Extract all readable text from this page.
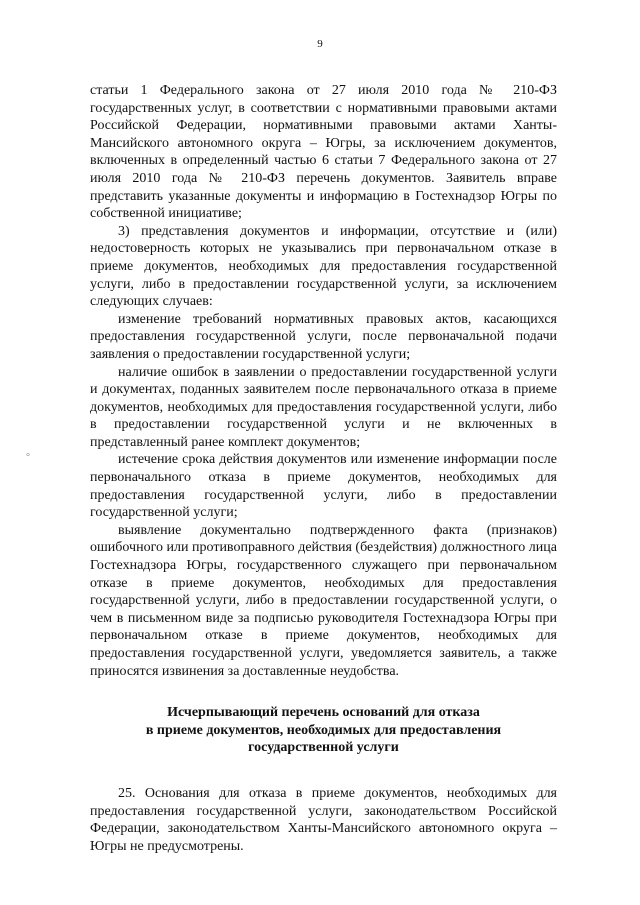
9
°

статьи 1 Федерального закона от 27 июля 2010 года № 210-ФЗ государственных услуг, в соответствии с нормативными правовыми актами Российской Федерации, нормативными правовыми актами Ханты-Мансийского автономного округа – Югры, за исключением документов, включенных в определенный частью 6 статьи 7 Федерального закона от 27 июля 2010 года № 210-ФЗ перечень документов. Заявитель вправе представить указанные документы и информацию в Гостехнадзор Югры по собственной инициативе;

3) представления документов и информации, отсутствие и (или) недостоверность которых не указывались при первоначальном отказе в приеме документов, необходимых для предоставления государственной услуги, либо в предоставлении государственной услуги, за исключением следующих случаев:

изменение требований нормативных правовых актов, касающихся предоставления государственной услуги, после первоначальной подачи заявления о предоставлении государственной услуги;

наличие ошибок в заявлении о предоставлении государственной услуги и документах, поданных заявителем после первоначального отказа в приеме документов, необходимых для предоставления государственной услуги, либо в предоставлении государственной услуги и не включенных в представленный ранее комплект документов;

истечение срока действия документов или изменение информации после первоначального отказа в приеме документов, необходимых для предоставления государственной услуги, либо в предоставлении государственной услуги;

выявление документально подтвержденного факта (признаков) ошибочного или противоправного действия (бездействия) должностного лица Гостехнадзора Югры, государственного служащего при первоначальном отказе в приеме документов, необходимых для предоставления государственной услуги, либо в предоставлении государственной услуги, о чем в письменном виде за подписью руководителя Гостехнадзора Югры при первоначальном отказе в приеме документов, необходимых для предоставления государственной услуги, уведомляется заявитель, а также приносятся извинения за доставленные неудобства.

Исчерпывающий перечень оснований для отказа
в приеме документов, необходимых для предоставления
государственной услуги

25. Основания для отказа в приеме документов, необходимых для предоставления государственной услуги, законодательством Российской Федерации, законодательством Ханты-Мансийского автономного округа – Югры не предусмотрены.
